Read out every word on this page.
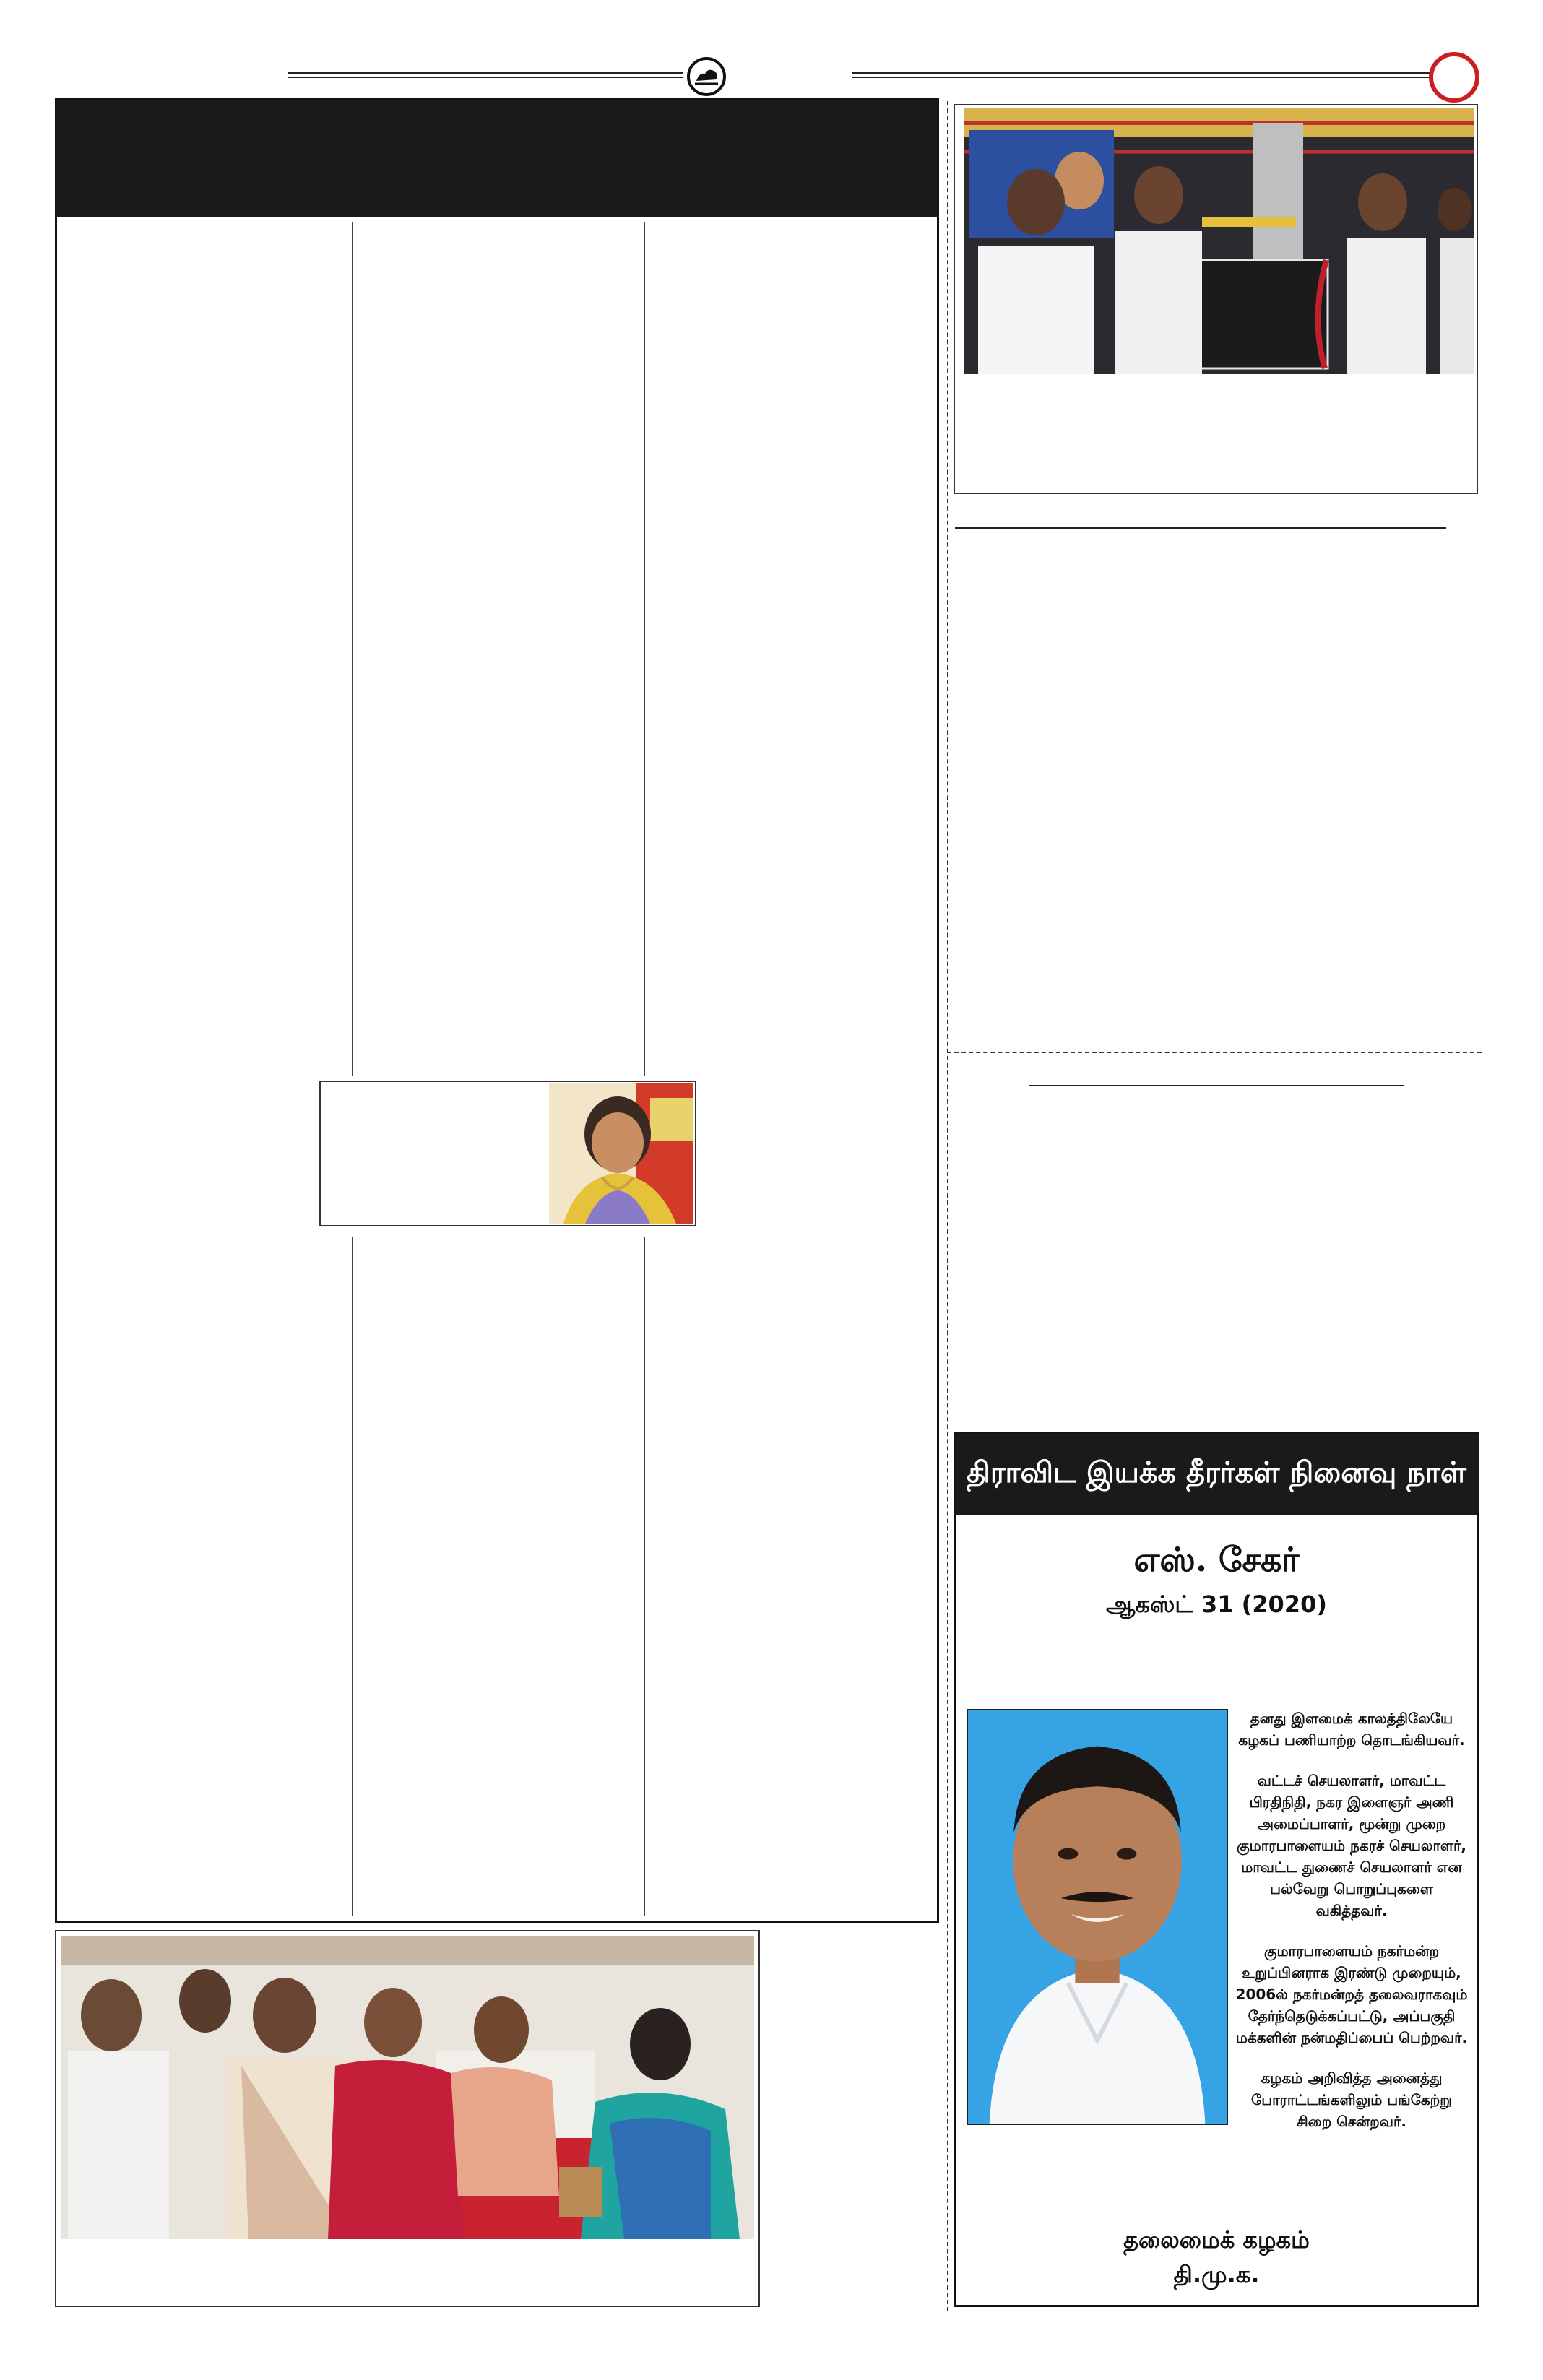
திராவிட இயக்க தீரர்கள் நினைவு நாள்
எஸ். சேகர்
ஆகஸ்ட் 31 (2020)

தனது இளமைக் காலத்திலேயே கழகப் பணியாற்ற தொடங்கியவர்.

வட்டச் செயலாளர், மாவட்ட பிரதிநிதி, நகர இளைஞர் அணி அமைப்பாளர், மூன்று முறை குமாரபாளையம் நகரச் செயலாளர், மாவட்ட துணைச் செயலாளர் என பல்வேறு பொறுப்புகளை வகித்தவர்.

குமாரபாளையம் நகர்மன்ற உறுப்பினராக இரண்டு முறையும், 2006ல் நகர்மன்றத் தலைவராகவும் தேர்ந்தெடுக்கப்பட்டு, அப்பகுதி மக்களின் நன்மதிப்பைப் பெற்றவர்.

கழகம் அறிவித்த அனைத்து போராட்டங்களிலும் பங்கேற்று சிறை சென்றவர்.

தலைமைக் கழகம்
தி.மு.க.
